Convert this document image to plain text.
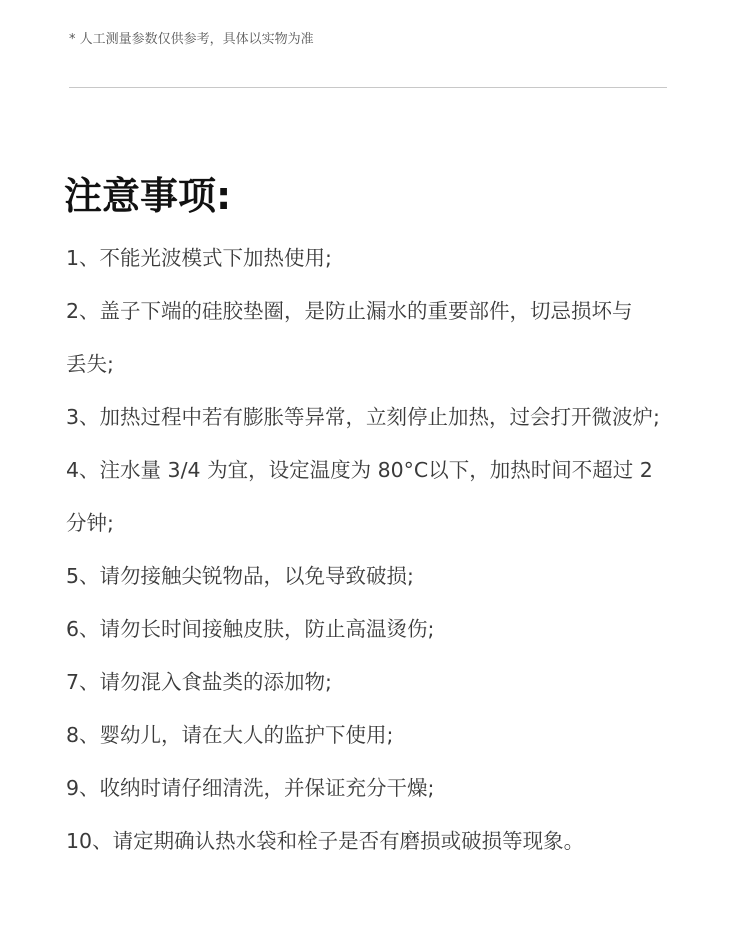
* 人工测量参数仅供参考，具体以实物为准
注意事项:
1、不能光波模式下加热使用;
2、盖子下端的硅胶垫圈，是防止漏水的重要部件，切忌损坏与
丢失;
3、加热过程中若有膨胀等异常，立刻停止加热，过会打开微波炉;
4、注水量 3/4 为宜，设定温度为 80°C以下，加热时间不超过 2
分钟;
5、请勿接触尖锐物品，以免导致破损;
6、请勿长时间接触皮肤，防止高温烫伤;
7、请勿混入食盐类的添加物;
8、婴幼儿，请在大人的监护下使用;
9、收纳时请仔细清洗，并保证充分干燥;
10、请定期确认热水袋和栓子是否有磨损或破损等现象。
